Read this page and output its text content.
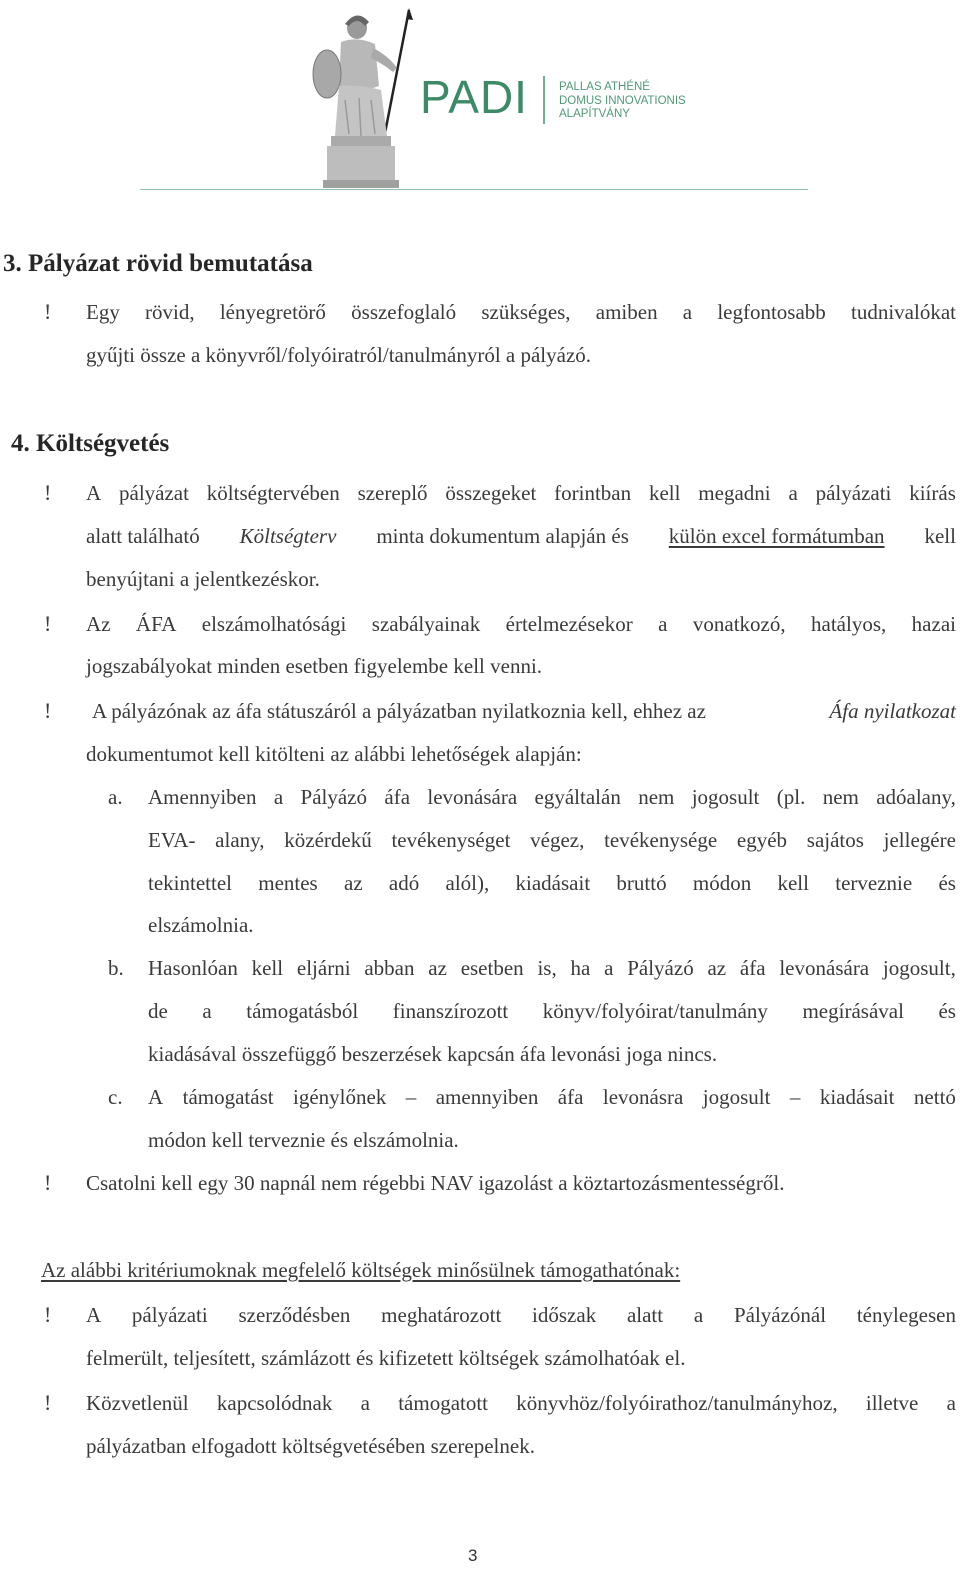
PADI	PALLAS ATHÉNÉ
DOMUS INNOVATIONIS
ALAPÍTVÁNY
3. Pályázat rövid bemutatása
! Egy rövid, lényegretörő összefoglaló szükséges, amiben a legfontosabb tudnivalókat
gyűjti össze a könyvről/folyóiratról/tanulmányról a pályázó.
4. Költségvetés
! A pályázat költségtervében szereplő összegeket forintban kell megadni a pályázati kiírás
alatt található Költségterv minta dokumentum alapján és külön excel formátumban kell
benyújtani a jelentkezéskor.
! Az ÁFA elszámolhatósági szabályainak értelmezésekor a vonatkozó, hatályos, hazai
jogszabályokat minden esetben figyelembe kell venni.
! A pályázónak az áfa státuszáról a pályázatban nyilatkoznia kell, ehhez az	Áfa nyilatkozat
dokumentumot kell kitölteni az alábbi lehetőségek alapján:
a. Amennyiben a Pályázó áfa levonására egyáltalán nem jogosult (pl. nem adóalany,
EVA- alany, közérdekű tevékenységet végez, tevékenysége egyéb sajátos jellegére
tekintettel mentes az adó alól), kiadásait bruttó módon kell terveznie és
elszámolnia.
b. Hasonlóan kell eljárni abban az esetben is, ha a Pályázó az áfa levonására jogosult,
de a támogatásból finanszírozott könyv/folyóirat/tanulmány megírásával és
kiadásával összefüggő beszerzések kapcsán áfa levonási joga nincs.
c. A támogatást igénylőnek – amennyiben áfa levonásra jogosult – kiadásait nettó
módon kell terveznie és elszámolnia.
! Csatolni kell egy 30 napnál nem régebbi NAV igazolást a köztartozásmentességről.
Az alábbi kritériumoknak megfelelő költségek minősülnek támogathatónak:
! A pályázati szerződésben meghatározott időszak alatt a Pályázónál ténylegesen
felmerült, teljesített, számlázott és kifizetett költségek számolhatóak el.
! Közvetlenül kapcsolódnak a támogatott könyvhöz/folyóirathoz/tanulmányhoz, illetve a
pályázatban elfogadott költségvetésében szerepelnek.
3
